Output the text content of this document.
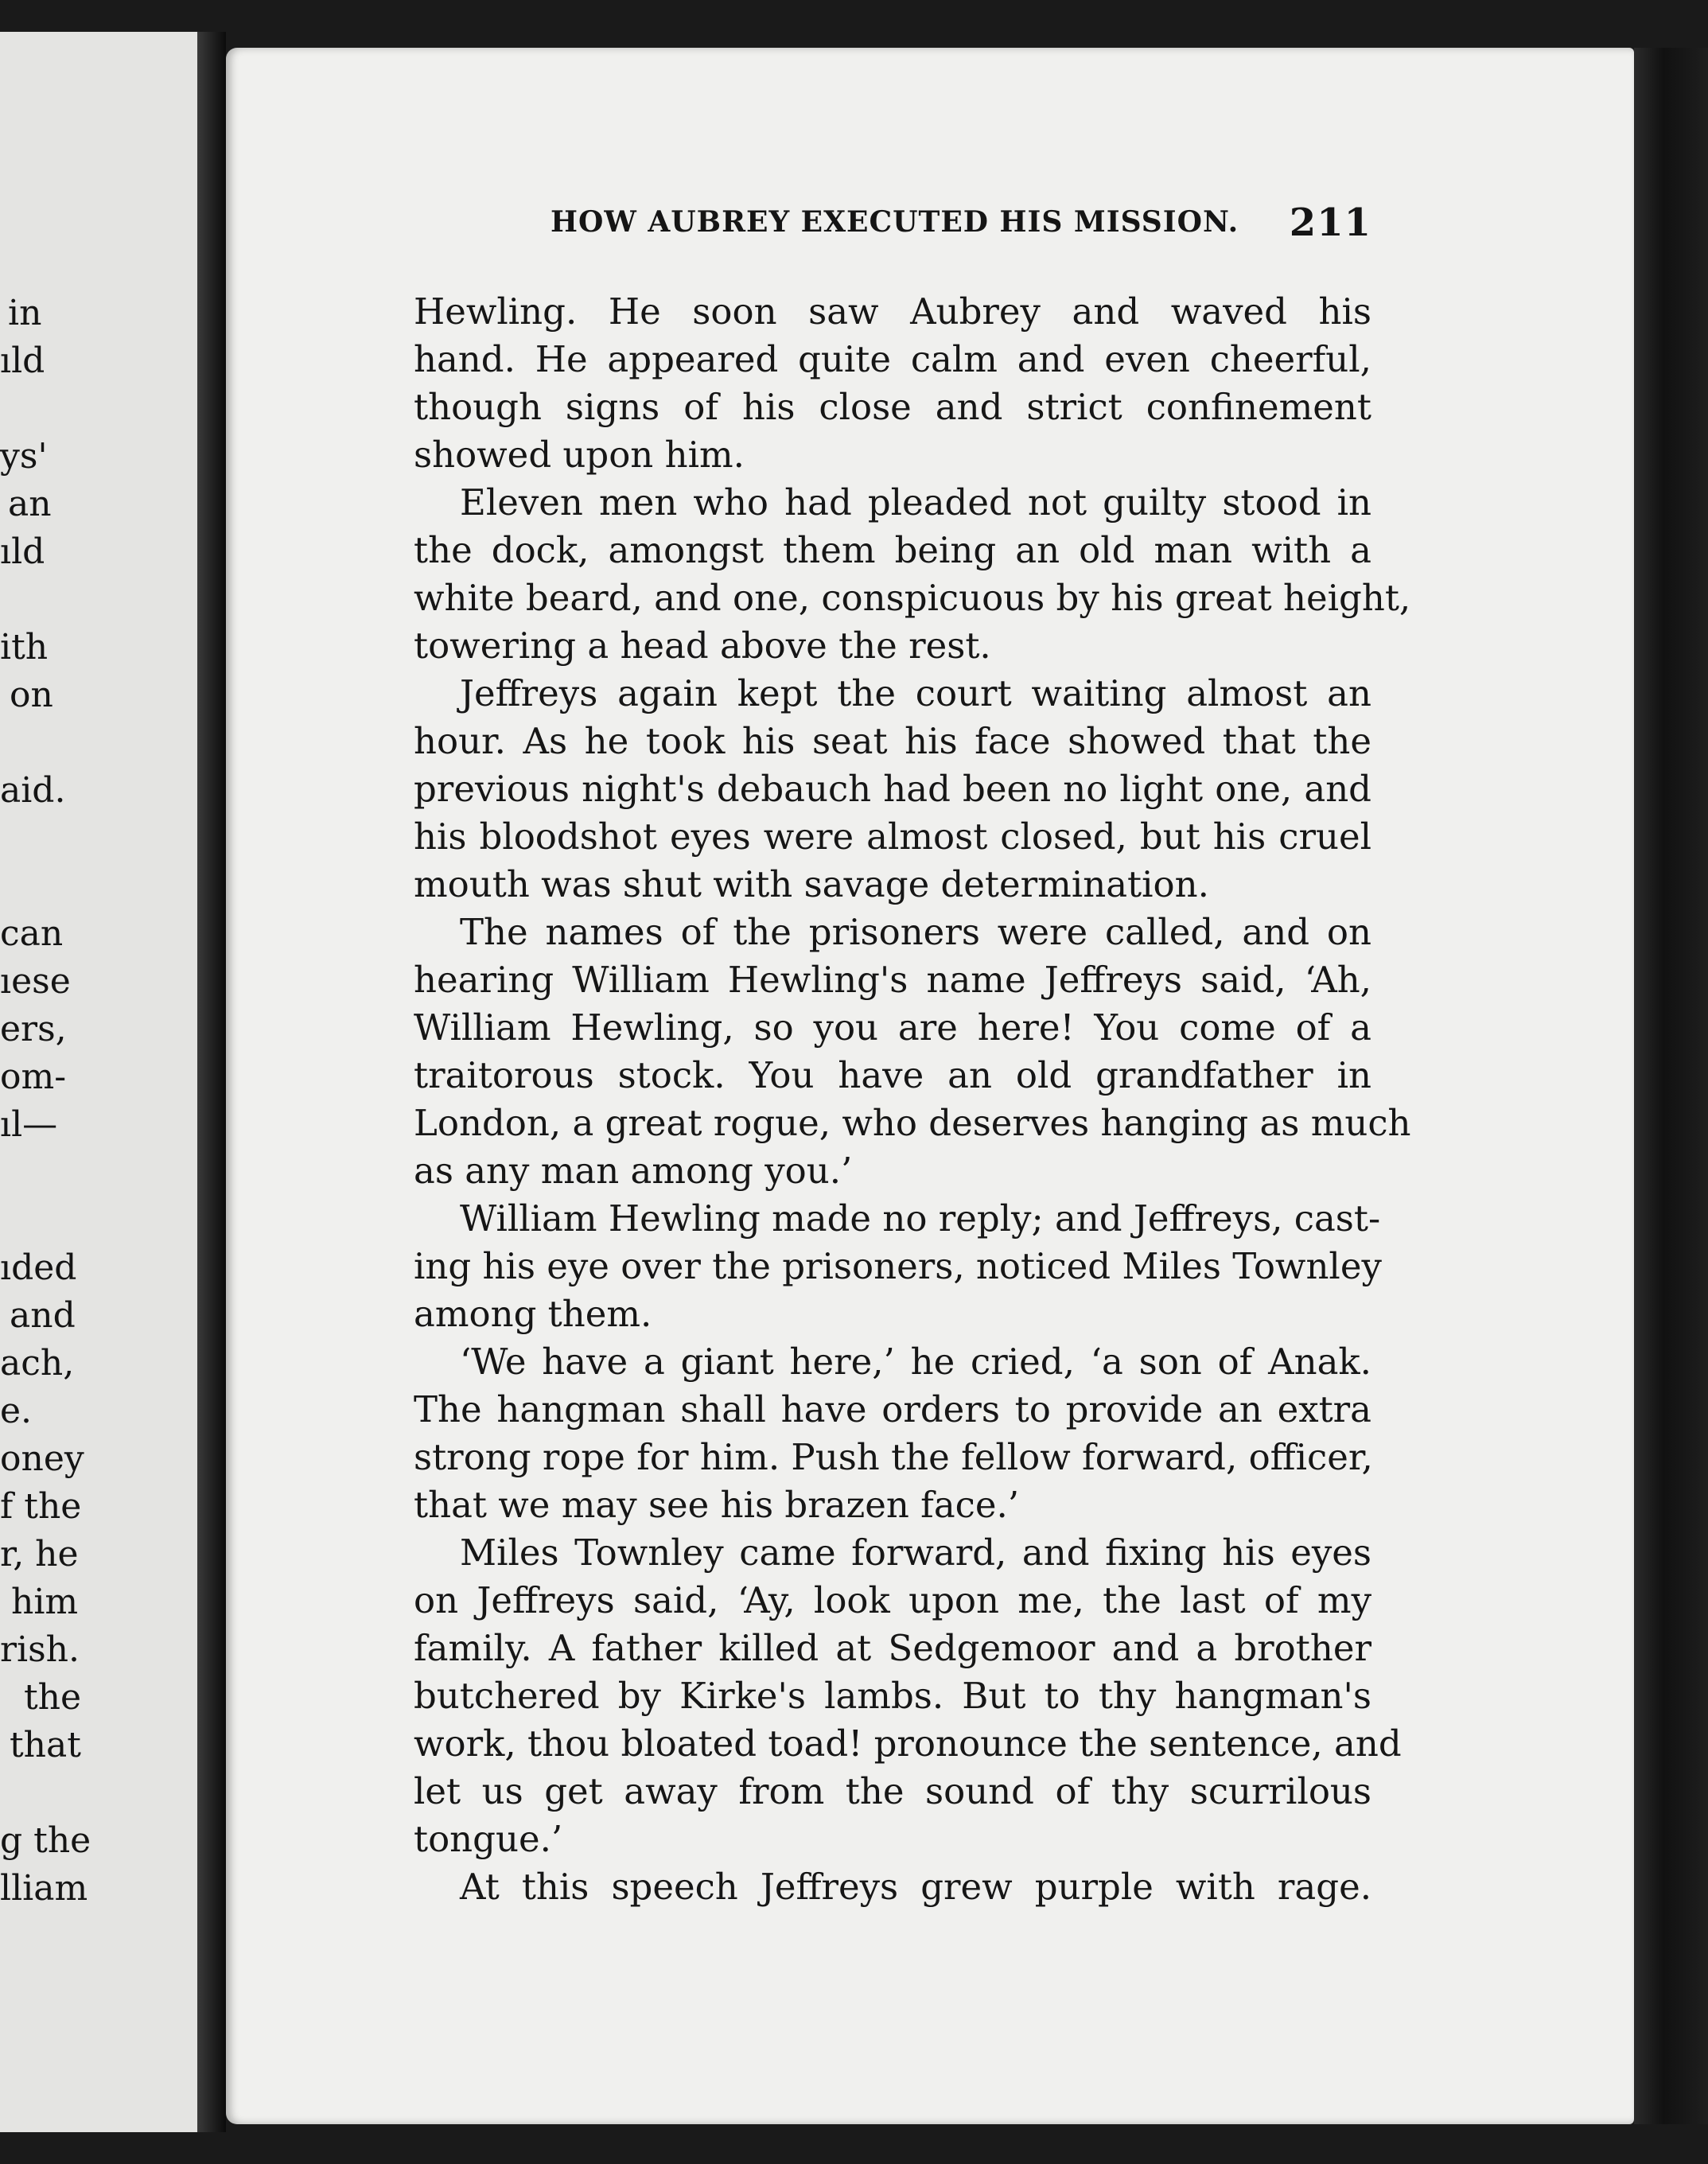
in
ıld
ys'
an
ıld
ith
on
aid.
can
ıese
ers,
om-
ıl—
ıded
and
ach,
e.
oney
f the
r, he
him
rish.
the
that
g the
lliam
HOW AUBREY EXECUTED HIS MISSION. 211
Hewling. He soon saw Aubrey and waved his
hand. He appeared quite calm and even cheerful,
though signs of his close and strict confinement
showed upon him.
Eleven men who had pleaded not guilty stood in
the dock, amongst them being an old man with a
white beard, and one, conspicuous by his great height,
towering a head above the rest.
Jeffreys again kept the court waiting almost an
hour. As he took his seat his face showed that the
previous night's debauch had been no light one, and
his bloodshot eyes were almost closed, but his cruel
mouth was shut with savage determination.
The names of the prisoners were called, and on
hearing William Hewling's name Jeffreys said, ‘Ah,
William Hewling, so you are here! You come of a
traitorous stock. You have an old grandfather in
London, a great rogue, who deserves hanging as much
as any man among you.’
William Hewling made no reply; and Jeffreys, cast-
ing his eye over the prisoners, noticed Miles Townley
among them.
‘We have a giant here,’ he cried, ‘a son of Anak.
The hangman shall have orders to provide an extra
strong rope for him. Push the fellow forward, officer,
that we may see his brazen face.’
Miles Townley came forward, and fixing his eyes
on Jeffreys said, ‘Ay, look upon me, the last of my
family. A father killed at Sedgemoor and a brother
butchered by Kirke's lambs. But to thy hangman's
work, thou bloated toad! pronounce the sentence, and
let us get away from the sound of thy scurrilous
tongue.’
At this speech Jeffreys grew purple with rage.
